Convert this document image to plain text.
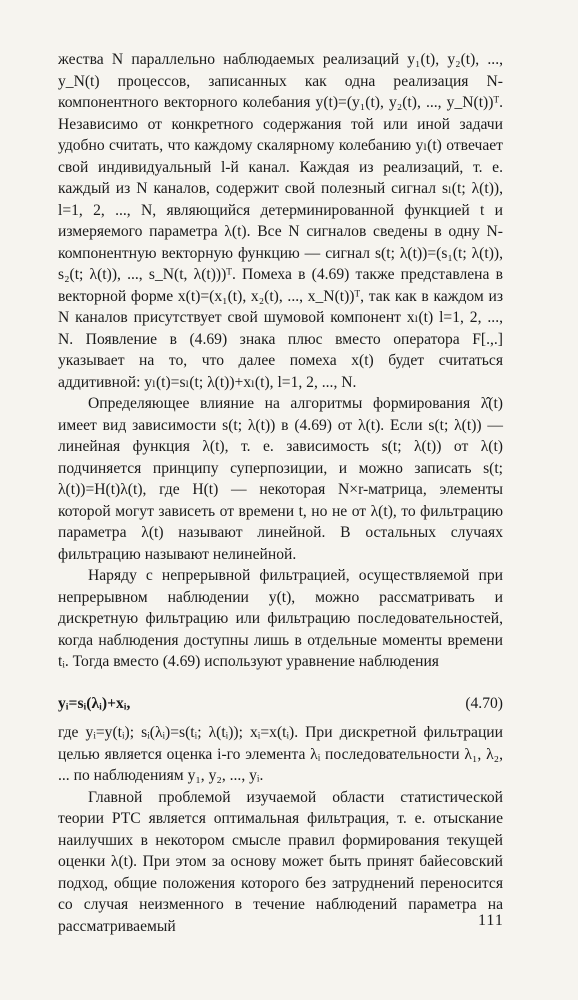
жества N параллельно наблюдаемых реализаций y₁(t), y₂(t), ..., y_N(t) процессов, записанных как одна реализация N-компонентного векторного колебания y(t)=(y₁(t), y₂(t), ..., y_N(t))ᵀ. Независимо от конкретного содержания той или иной задачи удобно считать, что каждому скалярному колебанию yₗ(t) отвечает свой индивидуальный l-й канал. Каждая из реализаций, т. е. каждый из N каналов, содержит свой полезный сигнал sₗ(t; λ(t)), l=1, 2, ..., N, являющийся детерминированной функцией t и измеряемого параметра λ(t). Все N сигналов сведены в одну N-компонентную векторную функцию — сигнал s(t; λ(t))=(s₁(t; λ(t)), s₂(t; λ(t)), ..., s_N(t, λ(t)))ᵀ. Помеха в (4.69) также представлена в векторной форме x(t)=(x₁(t), x₂(t), ..., x_N(t))ᵀ, так как в каждом из N каналов присутствует свой шумовой компонент xₗ(t) l=1, 2, ..., N. Появление в (4.69) знака плюс вместо оператора F[.,.] указывает на то, что далее помеха x(t) будет считаться аддитивной: yₗ(t)=sₗ(t; λ(t))+xₗ(t), l=1, 2, ..., N.

Определяющее влияние на алгоритмы формирования λ̂(t) имеет вид зависимости s(t; λ(t)) в (4.69) от λ(t). Если s(t; λ(t)) — линейная функция λ(t), т. е. зависимость s(t; λ(t)) от λ(t) подчиняется принципу суперпозиции, и можно записать s(t; λ(t))=H(t)λ(t), где H(t) — некоторая N×r-матрица, элементы которой могут зависеть от времени t, но не от λ(t), то фильтрацию параметра λ(t) называют линейной. В остальных случаях фильтрацию называют нелинейной.

Наряду с непрерывной фильтрацией, осуществляемой при непрерывном наблюдении y(t), можно рассматривать и дискретную фильтрацию или фильтрацию последовательностей, когда наблюдения доступны лишь в отдельные моменты времени tᵢ. Тогда вместо (4.69) используют уравнение наблюдения

yᵢ=sᵢ(λᵢ)+xᵢ,	(4.70)

где yᵢ=y(tᵢ); sᵢ(λᵢ)=s(tᵢ; λ(tᵢ)); xᵢ=x(tᵢ). При дискретной фильтрации целью является оценка i-го элемента λᵢ последовательности λ₁, λ₂, ... по наблюдениям y₁, y₂, ..., yᵢ.

Главной проблемой изучаемой области статистической теории РТС является оптимальная фильтрация, т. е. отыскание наилучших в некотором смысле правил формирования текущей оценки λ(t). При этом за основу может быть принят байесовский подход, общие положения которого без затруднений переносится со случая неизменного в течение наблюдений параметра на рассматриваемый	111
